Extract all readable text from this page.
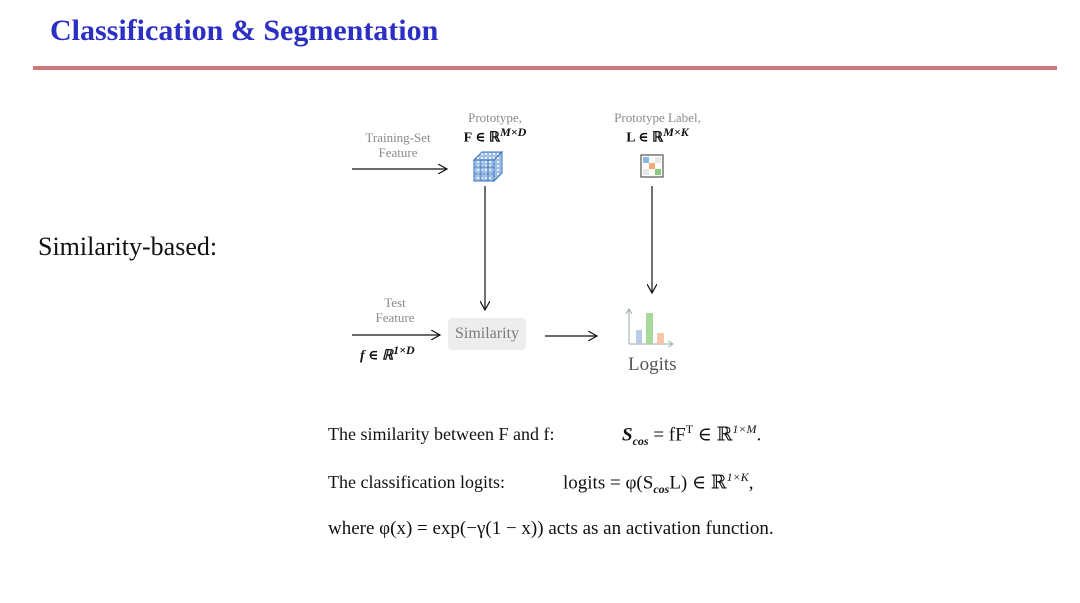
Classification & Segmentation
Similarity-based:
Prototype,
F ∈ ℝ$^{M\times D}$
Prototype Label,
L ∈ ℝ$^{M\times K}$
Training-Set
Feature
Test
Feature
f ∈ ℝ$^{1\times D}$
Similarity
Logits
The similarity between F and f:	$S_{cos} = fF^T$ ∈ ℝ$^{1\times M}$.
The classification logits:	logits = $\varphi(S_{cos}L)$ ∈ ℝ$^{1\times K}$,
where φ(x) = exp(−γ(1 − x)) acts as an activation function.
